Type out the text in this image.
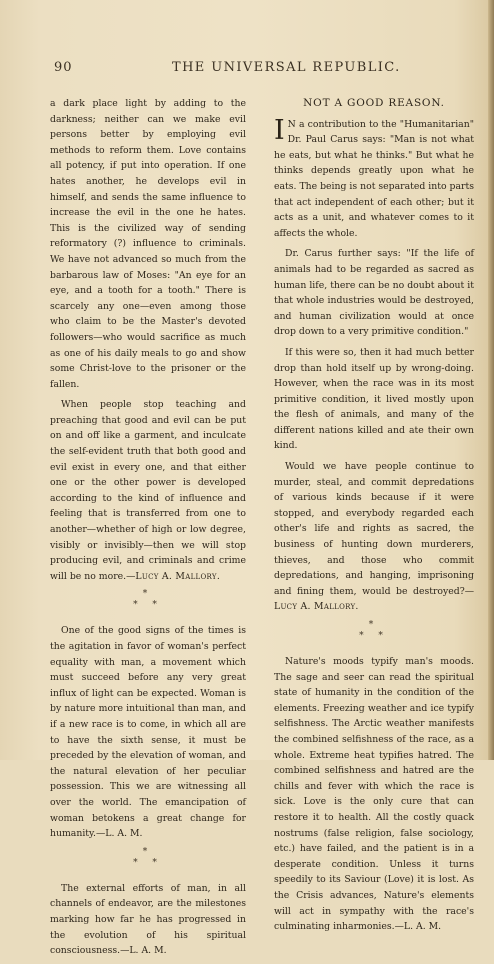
90	THE UNIVERSAL REPUBLIC.

a dark place light by adding to the darkness; neither can we make evil persons better by employing evil methods to reform them. Love contains all potency, if put into operation. If one hates another, he develops evil in himself, and sends the same influence to increase the evil in the one he hates. This is the civilized way of sending reformatory (?) influence to criminals. We have not advanced so much from the barbarous law of Moses: "An eye for an eye, and a tooth for a tooth." There is scarcely any one—even among those who claim to be the Master's devoted followers—who would sacrifice as much as one of his daily meals to go and show some Christ-love to the prisoner or the fallen.

When people stop teaching and preaching that good and evil can be put on and off like a garment, and inculcate the self-evident truth that both good and evil exist in every one, and that either one or the other power is developed according to the kind of influence and feeling that is transferred from one to another—whether of high or low degree, visibly or invisibly—then we will stop producing evil, and criminals and crime will be no more.—Lucy A. Mallory.

*
* *

One of the good signs of the times is the agitation in favor of woman's perfect equality with man, a movement which must succeed before any very great influx of light can be expected. Woman is by nature more intuitional than man, and if a new race is to come, in which all are to have the sixth sense, it must be preceded by the elevation of woman, and the natural elevation of her peculiar possession. This we are witnessing all over the world. The emancipation of woman betokens a great change for humanity.—L. A. M.

*
* *

The external efforts of man, in all channels of endeavor, are the milestones marking how far he has progressed in the evolution of his spiritual consciousness.—L. A. M.

NOT A GOOD REASON.

I N a contribution to the "Humanitarian" Dr. Paul Carus says: "Man is not what he eats, but what he thinks." But what he thinks depends greatly upon what he eats. The being is not separated into parts that act independent of each other; but it acts as a unit, and whatever comes to it affects the whole.

Dr. Carus further says: "If the life of animals had to be regarded as sacred as human life, there can be no doubt about it that whole industries would be destroyed, and human civilization would at once drop down to a very primitive condition."

If this were so, then it had much better drop than hold itself up by wrong-doing. However, when the race was in its most primitive condition, it lived mostly upon the flesh of animals, and many of the different nations killed and ate their own kind.

Would we have people continue to murder, steal, and commit depredations of various kinds because if it were stopped, and everybody regarded each other's life and rights as sacred, the business of hunting down murderers, thieves, and those who commit depredations, and hanging, imprisoning and fining them, would be destroyed?—Lucy A. Mallory.

*
* *

Nature's moods typify man's moods. The sage and seer can read the spiritual state of humanity in the condition of the elements. Freezing weather and ice typify selfishness. The Arctic weather manifests the combined selfishness of the race, as a whole. Extreme heat typifies hatred. The combined selfishness and hatred are the chills and fever with which the race is sick. Love is the only cure that can restore it to health. All the costly quack nostrums (false religion, false sociology, etc.) have failed, and the patient is in a desperate condition. Unless it turns speedily to its Saviour (Love) it is lost. As the Crisis advances, Nature's elements will act in sympathy with the race's culminating inharmonies.—L. A. M.
